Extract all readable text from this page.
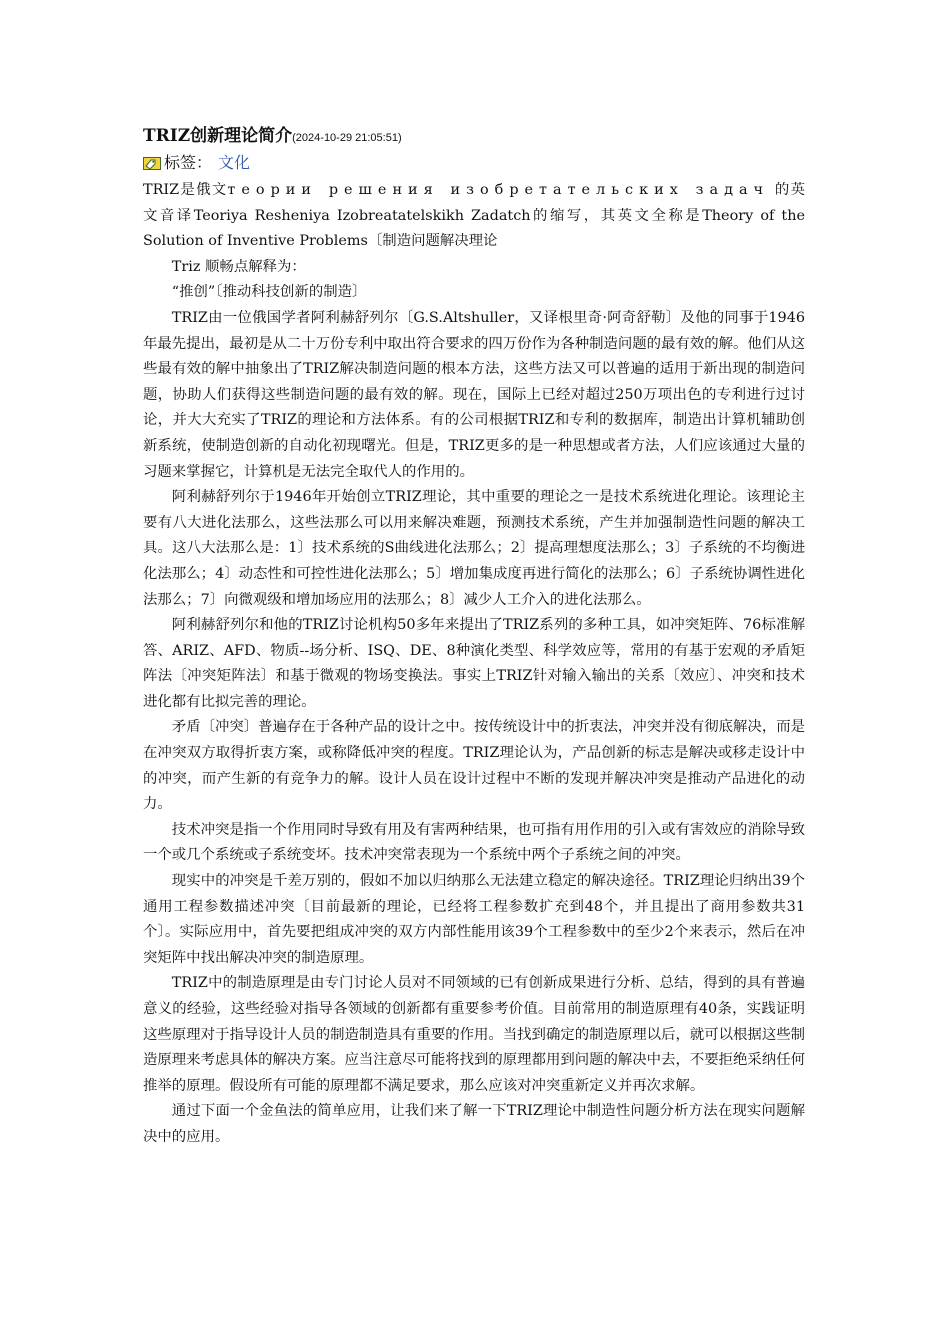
TRIZ创新理论简介(2024-10-29 21:05:51)
标签： 文化

TRIZ是俄文теории решения изобретательских задач 的英文音译Teoriya Resheniya Izobreatatelskikh Zadatch的缩写，其英文全称是Theory of the Solution of Inventive Problems〔制造问题解决理论

Triz 顺畅点解释为：

“推创”〔推动科技创新的制造〕

TRIZ由一位俄国学者阿利赫舒列尔〔G.S.Altshuller，又译根里奇·阿奇舒勒〕及他的同事于1946年最先提出，最初是从二十万份专利中取出符合要求的四万份作为各种制造问题的最有效的解。他们从这些最有效的解中抽象出了TRIZ解决制造问题的根本方法，这些方法又可以普遍的适用于新出现的制造问题，协助人们获得这些制造问题的最有效的解。现在，国际上已经对超过250万项出色的专利进行过讨论，并大大充实了TRIZ的理论和方法体系。有的公司根据TRIZ和专利的数据库，制造出计算机辅助创新系统，使制造创新的自动化初现曙光。但是，TRIZ更多的是一种思想或者方法，人们应该通过大量的习题来掌握它，计算机是无法完全取代人的作用的。

阿利赫舒列尔于1946年开始创立TRIZ理论，其中重要的理论之一是技术系统进化理论。该理论主要有八大进化法那么，这些法那么可以用来解决难题，预测技术系统，产生并加强制造性问题的解决工具。这八大法那么是：1〕技术系统的S曲线进化法那么；2〕提高理想度法那么；3〕子系统的不均衡进化法那么；4〕动态性和可控性进化法那么；5〕增加集成度再进行简化的法那么；6〕子系统协调性进化法那么；7〕向微观级和增加场应用的法那么；8〕减少人工介入的进化法那么。

阿利赫舒列尔和他的TRIZ讨论机构50多年来提出了TRIZ系列的多种工具，如冲突矩阵、76标准解答、ARIZ、AFD、物质--场分析、ISQ、DE、8种演化类型、科学效应等，常用的有基于宏观的矛盾矩阵法〔冲突矩阵法〕和基于微观的物场变换法。事实上TRIZ针对输入输出的关系〔效应〕、冲突和技术进化都有比拟完善的理论。

矛盾〔冲突〕普遍存在于各种产品的设计之中。按传统设计中的折衷法，冲突并没有彻底解决，而是在冲突双方取得折衷方案，或称降低冲突的程度。TRIZ理论认为，产品创新的标志是解决或移走设计中的冲突，而产生新的有竞争力的解。设计人员在设计过程中不断的发现并解决冲突是推动产品进化的动力。

技术冲突是指一个作用同时导致有用及有害两种结果，也可指有用作用的引入或有害效应的消除导致一个或几个系统或子系统变坏。技术冲突常表现为一个系统中两个子系统之间的冲突。

现实中的冲突是千差万别的，假如不加以归纳那么无法建立稳定的解决途径。TRIZ理论归纳出39个通用工程参数描述冲突〔目前最新的理论，已经将工程参数扩充到48个，并且提出了商用参数共31个〕。实际应用中，首先要把组成冲突的双方内部性能用该39个工程参数中的至少2个来表示，然后在冲突矩阵中找出解决冲突的制造原理。

TRIZ中的制造原理是由专门讨论人员对不同领域的已有创新成果进行分析、总结，得到的具有普遍意义的经验，这些经验对指导各领域的创新都有重要参考价值。目前常用的制造原理有40条，实践证明这些原理对于指导设计人员的制造制造具有重要的作用。当找到确定的制造原理以后，就可以根据这些制造原理来考虑具体的解决方案。应当注意尽可能将找到的原理都用到问题的解决中去，不要拒绝采纳任何推举的原理。假设所有可能的原理都不满足要求，那么应该对冲突重新定义并再次求解。

通过下面一个金鱼法的简单应用，让我们来了解一下TRIZ理论中制造性问题分析方法在现实问题解决中的应用。
